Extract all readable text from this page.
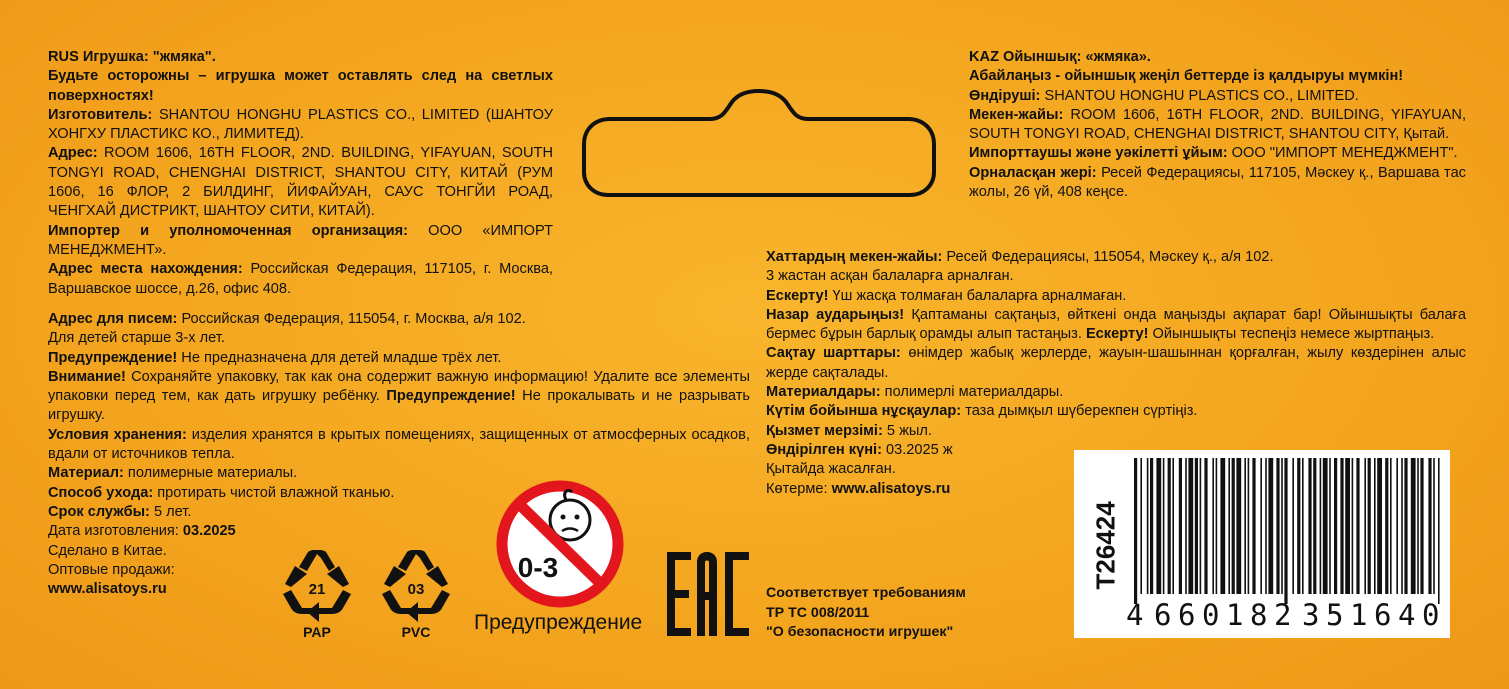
RUS Игрушка: "жмяка".

Будьте осторожны – игрушка может оставлять след на светлых поверхностях!

Изготовитель: SHANTOU HONGHU PLASTICS CO., LIMITED (ШАНТОУ ХОНГХУ ПЛАСТИКС КО., ЛИМИТЕД).

Адрес: ROOM 1606, 16TH FLOOR, 2ND. BUILDING, YIFAYUAN, SOUTH TONGYI ROAD, CHENGHAI DISTRICT, SHANTOU CITY, КИТАЙ (РУМ 1606, 16 ФЛОР, 2 БИЛДИНГ, ЙИФАЙУАН, САУС ТОНГЙИ РОАД, ЧЕНГХАЙ ДИСТРИКТ, ШАНТОУ СИТИ, КИТАЙ).

Импортер и уполномоченная организация: ООО «ИМПОРТ МЕНЕДЖМЕНТ».

Адрес места нахождения: Российская Федерация, 117105, г. Москва, Варшавское шоссе, д.26, офис 408.

Адрес для писем: Российская Федерация, 115054, г. Москва, а/я 102.

Для детей старше 3-х лет.

Предупреждение! Не предназначена для детей младше трёх лет.

Внимание! Сохраняйте упаковку, так как она содержит важную информацию! Удалите все элементы упаковки перед тем, как дать игрушку ребёнку. Предупреждение! Не прокалывать и не разрывать игрушку.

Условия хранения: изделия хранятся в крытых помещениях, защищенных от атмосферных осадков, вдали от источников тепла.

Материал: полимерные материалы.

Способ ухода: протирать чистой влажной тканью.

Срок службы: 5 лет.

Дата изготовления: 03.2025

Сделано в Китае.

Оптовые продажи:

www.alisatoys.ru

KAZ Ойыншық: «жмяка».

Абайлаңыз - ойыншық жеңіл беттерде із қалдыруы мүмкін!

Өндіруші: SHANTOU HONGHU PLASTICS CO., LIMITED.

Мекен-жайы: ROOM 1606, 16TH FLOOR, 2ND. BUILDING, YIFAYUAN, SOUTH TONGYI ROAD, CHENGHAI DISTRICT, SHANTOU CITY, Қытай.

Импорттаушы және уәкілетті ұйым: ООО "ИМПОРТ МЕНЕДЖМЕНТ".

Орналасқан жері: Ресей Федерациясы, 117105, Мәскеу қ., Варшава тас жолы, 26 үй, 408 кеңсе.

Хаттардың мекен-жайы: Ресей Федерациясы, 115054, Мәскеу қ., а/я 102.

3 жастан асқан балаларға арналған.

Ескерту! Үш жасқа толмаған балаларға арналмаған.

Назар аударыңыз! Қаптаманы сақтаңыз, өйткені онда маңызды ақпарат бар! Ойыншықты балаға бермес бұрын барлық орамды алып тастаңыз. Ескерту! Ойыншықты теспеңіз немесе жыртпаңыз.

Сақтау шарттары: өнімдер жабық жерлерде, жауын-шашыннан қорғалған, жылу көздерінен алыс жерде сақталады.

Материалдары: полимерлі материалдары.

Күтім бойынша нұсқаулар: таза дымқыл шүберекпен сүртіңіз.

Қызмет мерзімі: 5 жыл.

Өндірілген күні: 03.2025 ж

Қытайда жасалған.

Көтерме: www.alisatoys.ru

21
PAP
03
PVC
0-3
Предупреждение

Соответствует требованиям

ТР ТС 008/2011

"О безопасности игрушек"

T26424
4 6 6 0 1 8 2 3 5 1 6 4 0
